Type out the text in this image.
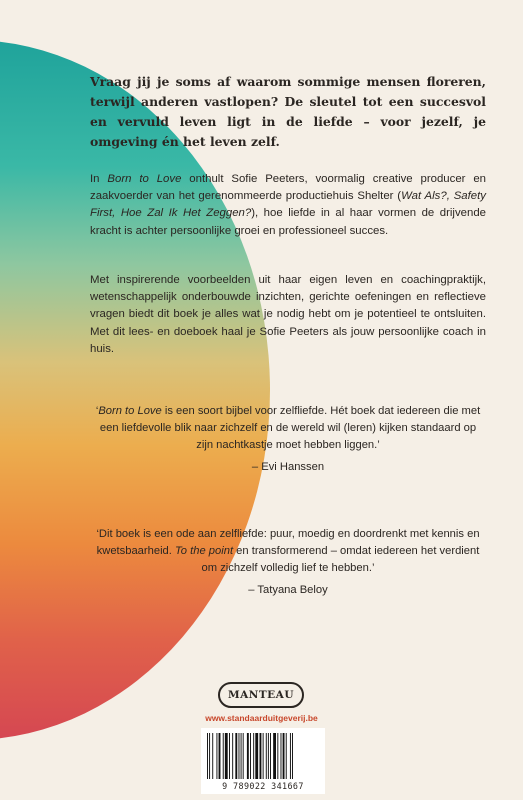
Vraag jij je soms af waarom sommige mensen floreren, terwijl anderen vastlopen? De sleutel tot een succesvol en vervuld leven ligt in de liefde – voor jezelf, je omgeving én het leven zelf.

In Born to Love onthult Sofie Peeters, voormalig creative producer en zaakvoerder van het gerenommeerde productiehuis Shelter (Wat Als?, Safety First, Hoe Zal Ik Het Zeggen?), hoe liefde in al haar vormen de drijvende kracht is achter persoonlijke groei en professioneel succes.

Met inspirerende voorbeelden uit haar eigen leven en coachingpraktijk, wetenschappelijk onderbouwde inzichten, gerichte oefeningen en reflectieve vragen biedt dit boek je alles wat je nodig hebt om je potentieel te ontsluiten. Met dit lees- en doeboek haal je Sofie Peeters als jouw persoonlijke coach in huis.

‘Born to Love is een soort bijbel voor zelfliefde. Hét boek dat iedereen die met een liefdevolle blik naar zichzelf en de wereld wil (leren) kijken standaard op zijn nachtkastje moet hebben liggen.’
– Evi Hanssen

‘Dit boek is een ode aan zelfliefde: puur, moedig en doordrenkt met kennis en kwetsbaarheid. To the point en transformerend – omdat iedereen het verdient om zichzelf volledig lief te hebben.’
– Tatyana Beloy

MANTEAU
www.standaarduitgeverij.be
9 789022 341667
